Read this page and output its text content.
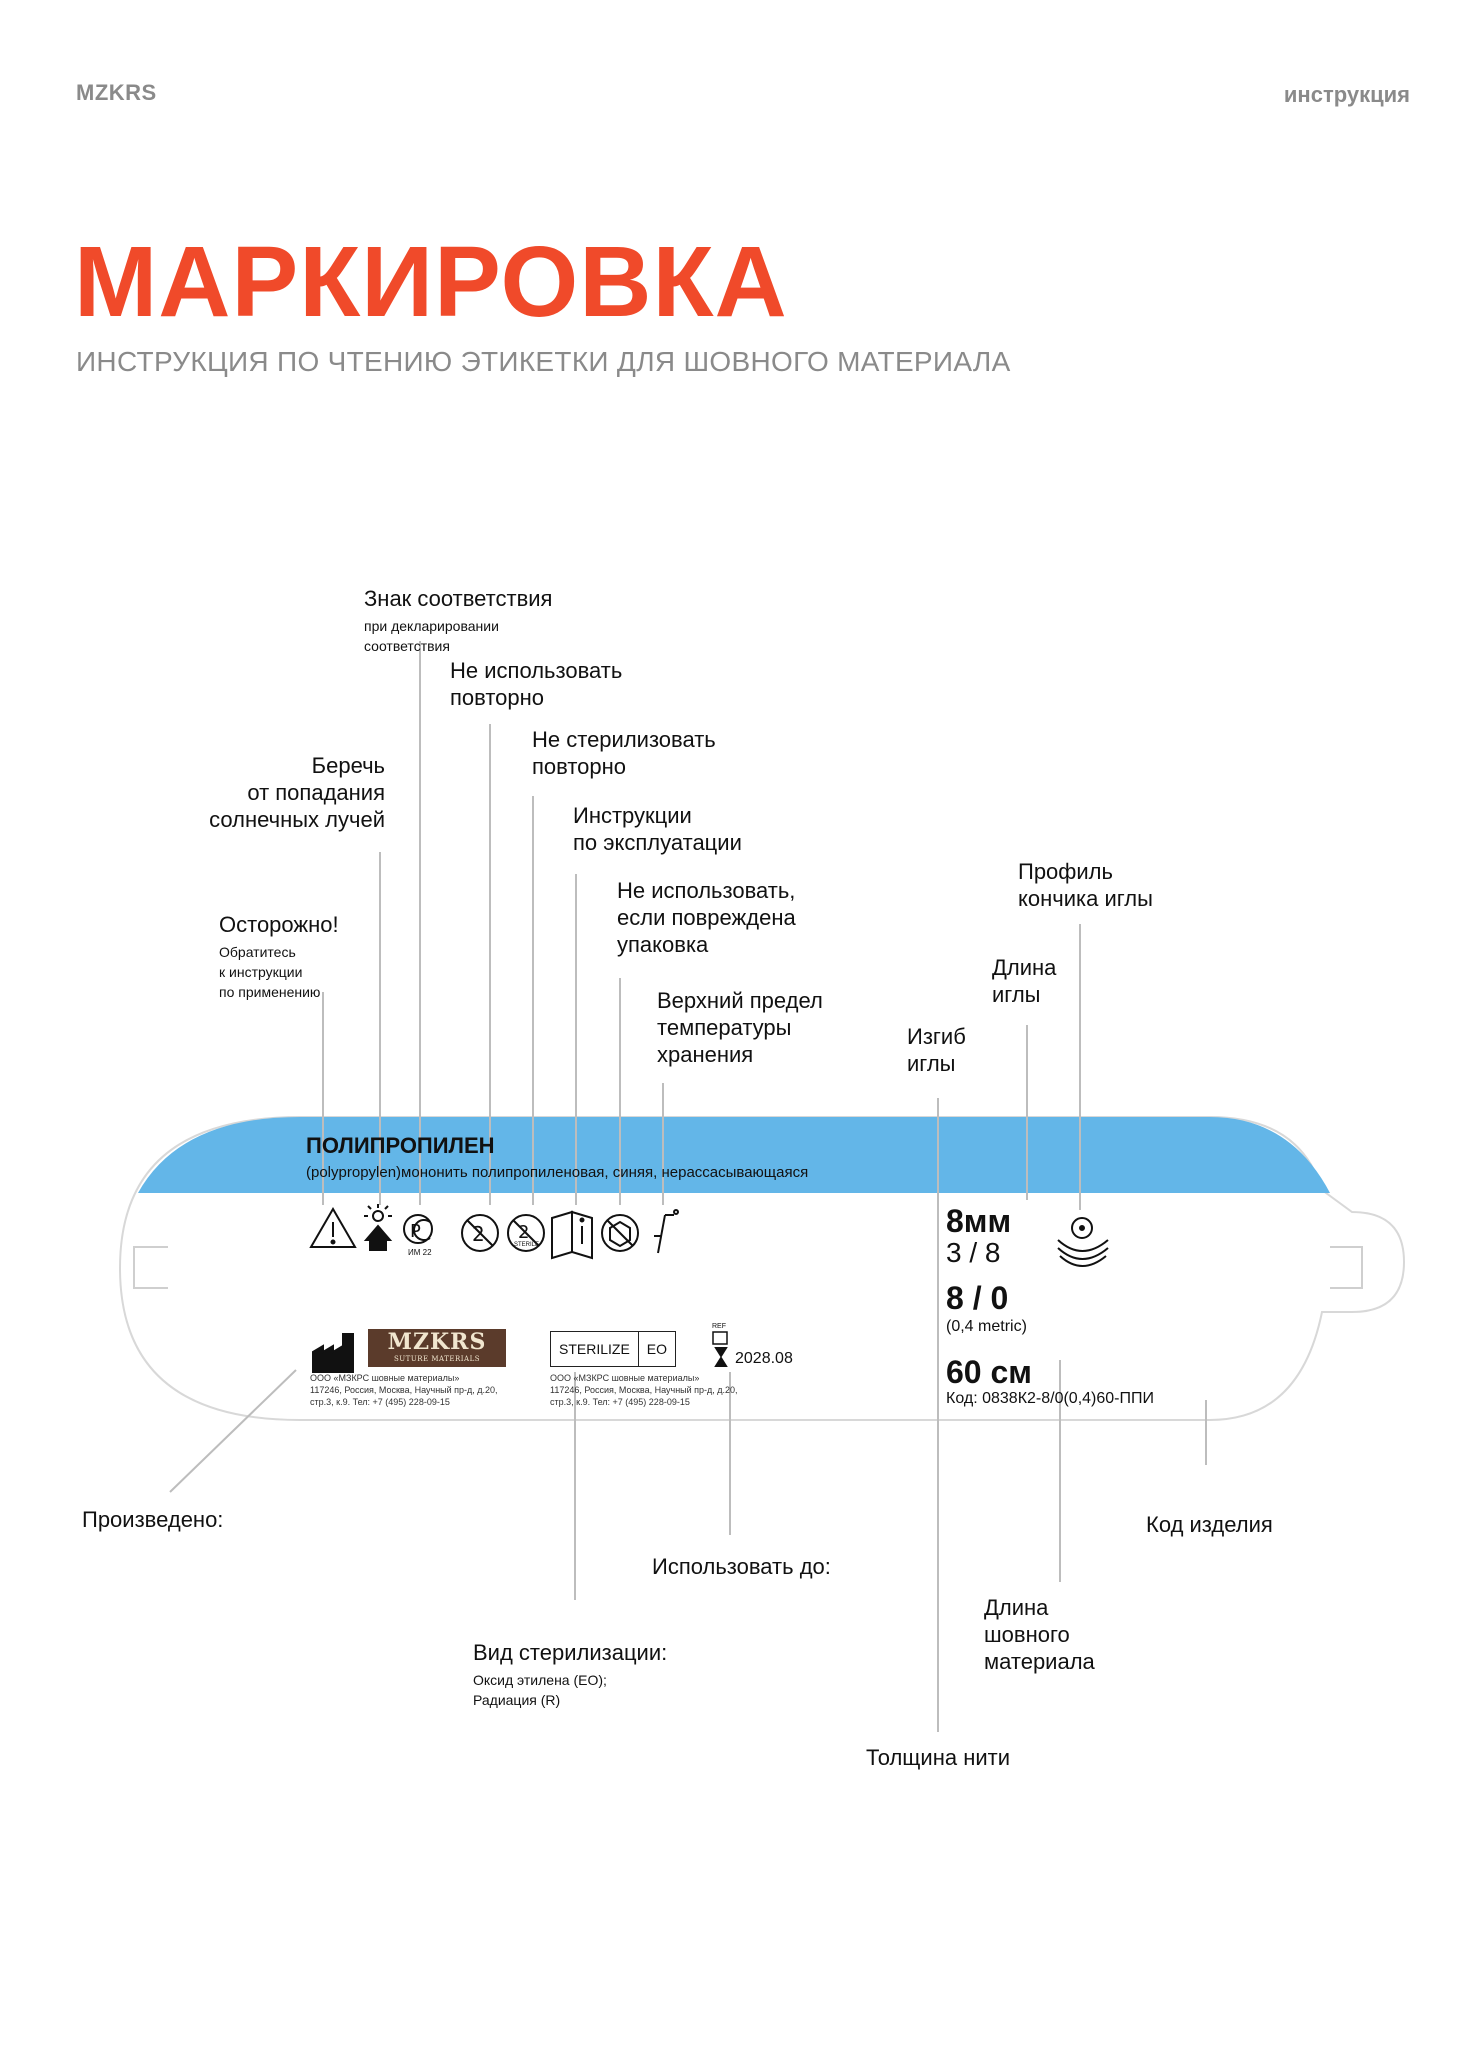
MZKRS	инструкция
МАРКИРОВКА
ИНСТРУКЦИЯ ПО ЧТЕНИЮ ЭТИКЕТКИ ДЛЯ ШОВНОГО МАТЕРИАЛА
Р	2 2

Знак соответствия

при декларировании
соответствия

Не использовать
повторно
Не стерилизовать
повторно
Инструкции
по эксплуатации
Не использовать,
если повреждена
упаковка
Верхний предел
температуры
хранения
Беречь
от попадания
солнечных лучей

Осторожно!

Обратитесь
к инструкции
по применению

Профиль
кончика иглы
Длина
иглы
Изгиб
иглы
Произведено:
Использовать до:
Код изделия
Длина
шовного
материала

Вид стерилизации:

Оксид этилена (ЕО);
Радиация (R)

Толщина нити
ПОЛИПРОПИЛЕН
(polypropylen)мононить полипропиленовая, синяя, нерассасывающаяся
ИМ 22
STERILE
MZKRS
SUTURE MATERIALS
ООО «МЗКРС шовные материалы»
117246, Россия, Москва, Научный пр-д, д.20,
стр.3, к.9. Тел: +7 (495) 228-09-15
STERILIZE	EO
ООО «МЗКРС шовные материалы»
117246, Россия, Москва, Научный пр-д, д.20,
стр.3, к.9. Тел: +7 (495) 228-09-15
REF
2028.08
8мм
3 / 8
8 / 0
(0,4 metric)
60 см
Код: 0838К2-8/0(0,4)60-ППИ
